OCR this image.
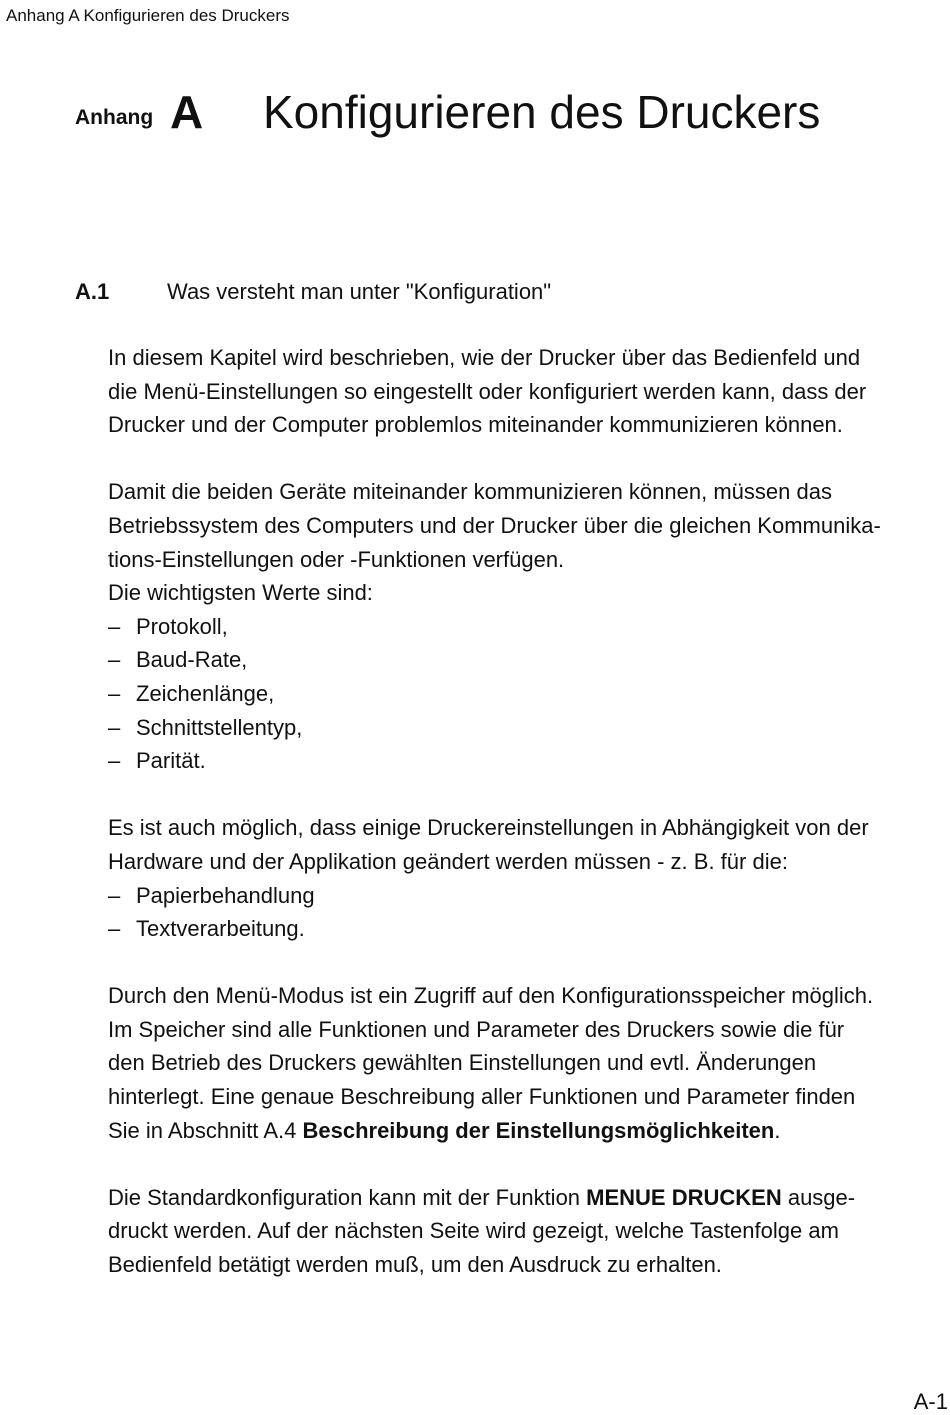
Anhang A Konfigurieren des Druckers
Anhang A Konfigurieren des Druckers
A.1	Was versteht man unter "Konfiguration"
In diesem Kapitel wird beschrieben, wie der Drucker über das Bedienfeld und
die Menü-Einstellungen so eingestellt oder konfiguriert werden kann, dass der
Drucker und der Computer problemlos miteinander kommunizieren können.
Damit die beiden Geräte miteinander kommunizieren können, müssen das
Betriebssystem des Computers und der Drucker über die gleichen Kommunika-
tions-Einstellungen oder -Funktionen verfügen.
Die wichtigsten Werte sind:
– Protokoll,
– Baud-Rate,
– Zeichenlänge,
– Schnittstellentyp,
– Parität.
Es ist auch möglich, dass einige Druckereinstellungen in Abhängigkeit von der
Hardware und der Applikation geändert werden müssen - z. B. für die:
– Papierbehandlung
– Textverarbeitung.
Durch den Menü-Modus ist ein Zugriff auf den Konfigurationsspeicher möglich.
Im Speicher sind alle Funktionen und Parameter des Druckers sowie die für
den Betrieb des Druckers gewählten Einstellungen und evtl. Änderungen
hinterlegt. Eine genaue Beschreibung aller Funktionen und Parameter finden
Sie in Abschnitt A.4 Beschreibung der Einstellungsmöglichkeiten.
Die Standardkonfiguration kann mit der Funktion MENUE DRUCKEN ausge-
druckt werden. Auf der nächsten Seite wird gezeigt, welche Tastenfolge am
Bedienfeld betätigt werden muß, um den Ausdruck zu erhalten.
A-1
